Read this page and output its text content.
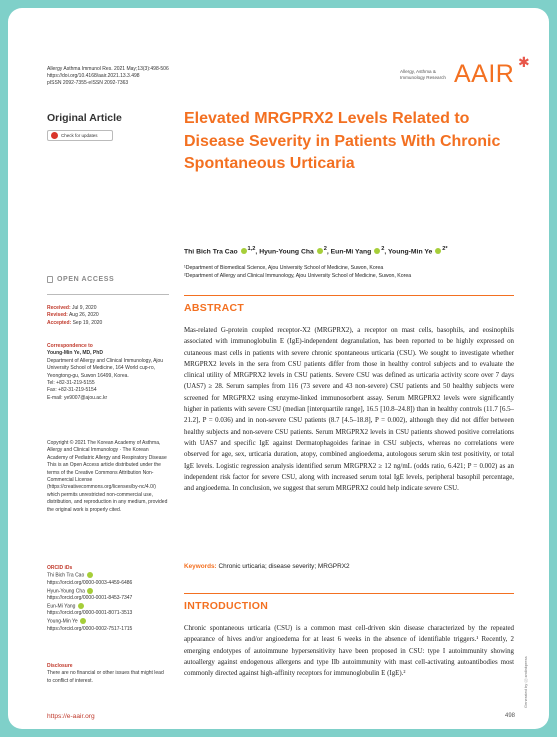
Allergy Asthma Immunol Res. 2021 May;13(3):498-506
https://doi.org/10.4168/aair.2021.13.3.498
pISSN 2092-7355·eISSN 2092-7363
Allergy, Asthma & Immunology Research AAIR ✱
Original Article
Check for updates
Elevated MRGPRX2 Levels Related to Disease Severity in Patients With Chronic Spontaneous Urticaria
Thi Bich Tra Cao $^{1,2}$, Hyun-Young Cha $^2$, Eun-Mi Yang $^2$, Young-Min Ye $^{2*}$
¹Department of Biomedical Science, Ajou University School of Medicine, Suwon, Korea
²Department of Allergy and Clinical Immunology, Ajou University School of Medicine, Suwon, Korea
OPEN ACCESS
Received: Jul 9, 2020
Revised: Aug 26, 2020
Accepted: Sep 19, 2020
Correspondence to
Young-Min Ye, MD, PhD
Department of Allergy and Clinical Immunology, Ajou University School of Medicine, 164 World cup-ro, Yeongtong-gu, Suwon 16499, Korea.
Tel: +82-31-219-5155
Fax: +82-31-219-5154
E-mail: ye9007@ajou.ac.kr
Copyright © 2021 The Korean Academy of Asthma, Allergy and Clinical Immunology · The Korean Academy of Pediatric Allergy and Respiratory Disease
This is an Open Access article distributed under the terms of the Creative Commons Attribution Non-Commercial License (https://creativecommons.org/licenses/by-nc/4.0/) which permits unrestricted non-commercial use, distribution, and reproduction in any medium, provided the original work is properly cited.
ORCID iDs
Thi Bich Tra Cao
https://orcid.org/0000-0003-4459-6486
Hyun-Young Cha
https://orcid.org/0000-0001-8453-7347
Eun-Mi Yang
https://orcid.org/0000-0001-8071-3513
Young-Min Ye
https://orcid.org/0000-0002-7517-1715
Disclosure
There are no financial or other issues that might lead to conflict of interest.
ABSTRACT
Mas-related G-protein coupled receptor-X2 (MRGPRX2), a receptor on mast cells, basophils, and eosinophils associated with immunoglobulin E (IgE)-independent degranulation, has been reported to be highly expressed on cutaneous mast cells in patients with severe chronic spontaneous urticaria (CSU). We sought to investigate whether MRGPRX2 levels in the sera from CSU patients differ from those in healthy control subjects and to evaluate the clinical utility of MRGPRX2 levels in CSU patients. Severe CSU was defined as urticaria activity score over 7 days (UAS7) ≥ 28. Serum samples from 116 (73 severe and 43 non-severe) CSU patients and 50 healthy subjects were screened for MRGPRX2 using enzyme-linked immunosorbent assay. Serum MRGPRX2 levels were significantly higher in patients with severe CSU (median [interquartile range], 16.5 [10.8–24.8]) than in healthy controls (11.7 [6.5–21.2], P = 0.036) and in non-severe CSU patients (8.7 [4.5–18.8], P = 0.002), although they did not differ between healthy subjects and non-severe CSU patients. Serum MRGPRX2 levels in CSU patients showed positive correlations with UAS7 and specific IgE against Dermatophagoides farinae in CSU subjects, whereas no correlations were observed for age, sex, urticaria duration, atopy, combined angioedema, autologous serum skin test positivity, or total IgE levels. Logistic regression analysis identified serum MRGPRX2 ≥ 12 ng/mL (odds ratio, 6.421; P = 0.002) as an independent risk factor for severe CSU, along with increased serum total IgE levels, peripheral basophil percentage, and angioedema. In conclusion, we suggest that serum MRGPRX2 could help indicate severe CSU.
Keywords: Chronic urticaria; disease severity; MRGPRX2
INTRODUCTION
Chronic spontaneous urticaria (CSU) is a common mast cell-driven skin disease characterized by the repeated appearance of hives and/or angioedema for at least 6 weeks in the absence of identifiable triggers.¹ Recently, 2 emerging endotypes of autoimmune hypersensitivity have been proposed in CSU: type I autoimmunity showing autoallergy against endogenous allergens and type IIb autoimmunity with mast cell-activating autoantibodies most commonly directed against high-affinity receptors for immunoglobulin E (IgE).²	Generated by ⓧ xmlinkpress
https://e-aair.org	498
